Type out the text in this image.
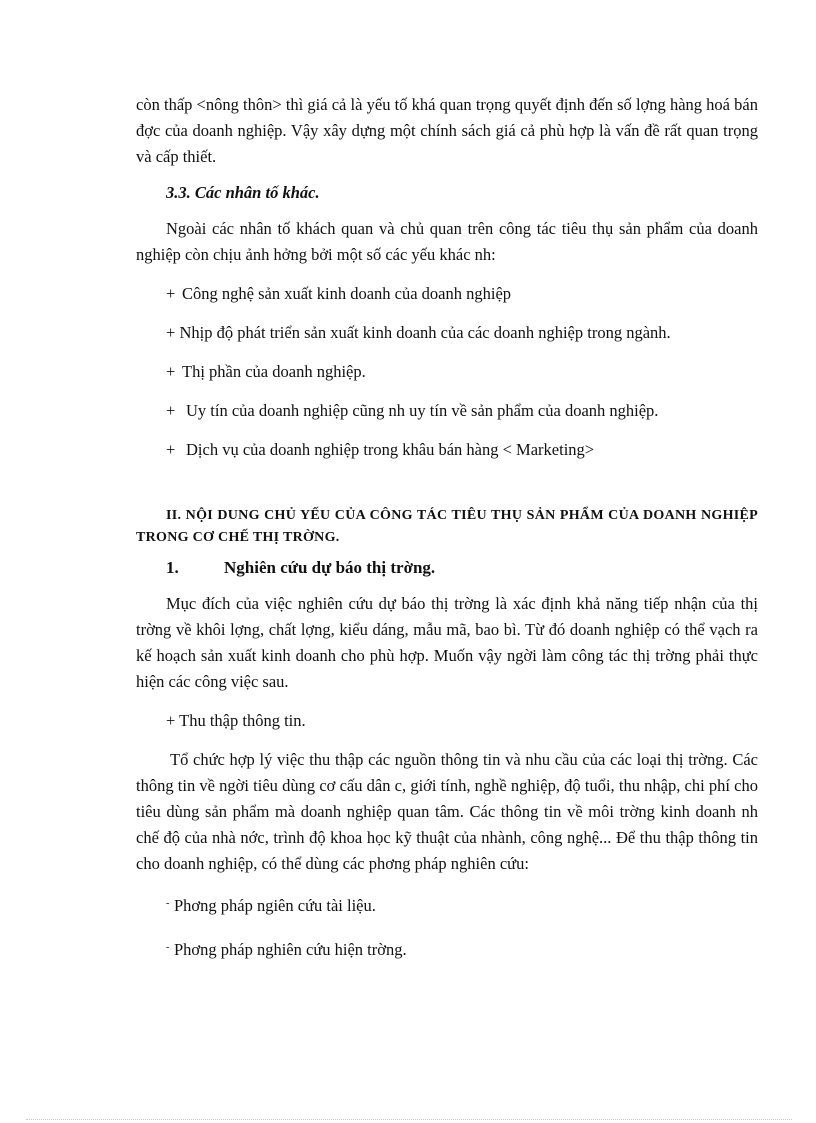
còn thấp <nông thôn> thì giá cả là yếu tố khá quan trọng quyết định đến số lợng hàng hoá bán đợc của doanh nghiệp. Vậy xây dựng một chính sách giá cả phù hợp là vấn đề rất quan trọng và cấp thiết.

3.3. Các nhân tố khác.

Ngoài các nhân tố khách quan và chủ quan trên công tác tiêu thụ sản phẩm của doanh nghiệp còn chịu ảnh hởng bởi một số các yếu khác nh:

+ Công nghệ sản xuất kinh doanh của doanh nghiệp

+ Nhịp độ phát triển sản xuất kinh doanh của các doanh nghiệp trong ngành.

+ Thị phần của doanh nghiệp.

+ Uy tín của doanh nghiệp cũng nh uy tín về sản phẩm của doanh nghiệp.

+ Dịch vụ của doanh nghiệp trong khâu bán hàng < Marketing>

II. NỘI DUNG CHỦ YẾU CỦA CÔNG TÁC TIÊU THỤ SẢN PHẨM CỦA DOANH NGHIỆP TRONG CƠ CHẾ THỊ TRỜNG.

1.	Nghiên cứu dự báo thị trờng.

Mục đích của việc nghiên cứu dự báo thị trờng là xác định khả năng tiếp nhận của thị trờng về khôi lợng, chất lợng, kiểu dáng, mẫu mã, bao bì. Từ đó doanh nghiệp có thể vạch ra kế hoạch sản xuất kinh doanh cho phù hợp. Muốn vậy ngời làm công tác thị trờng phải thực hiện các công việc sau.

+ Thu thập thông tin.

Tổ chức hợp lý việc thu thập các nguồn thông tin và nhu cầu của các loại thị trờng. Các thông tin về ngời tiêu dùng cơ cấu dân c, giới tính, nghề nghiệp, độ tuổi, thu nhập, chi phí cho tiêu dùng sản phẩm mà doanh nghiệp quan tâm. Các thông tin về môi trờng kinh doanh nh chế độ của nhà nớc, trình độ khoa học kỹ thuật của nhành, công nghệ... Để thu thập thông tin cho doanh nghiệp, có thể dùng các phơng pháp nghiên cứu:

- Phơng pháp ngiên cứu tài liệu.

- Phơng pháp nghiên cứu hiện trờng.
